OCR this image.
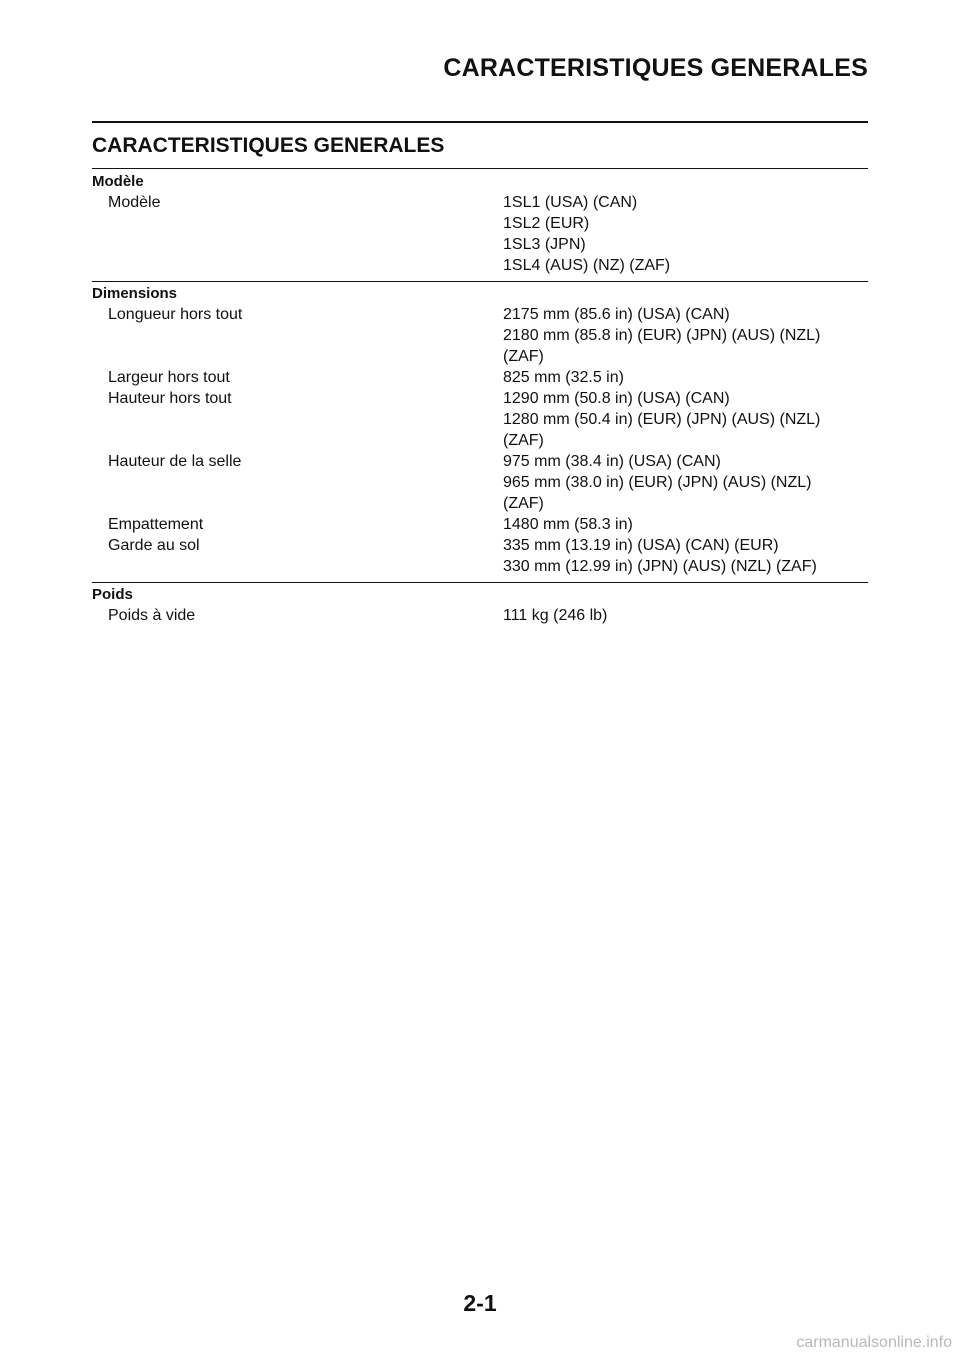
CARACTERISTIQUES GENERALES
CARACTERISTIQUES GENERALES
Modèle
Modèle	1SL1 (USA) (CAN)
1SL2 (EUR)
1SL3 (JPN)
1SL4 (AUS) (NZ) (ZAF)
Dimensions
Longueur hors tout	2175 mm (85.6 in) (USA) (CAN)
2180 mm (85.8 in) (EUR) (JPN) (AUS) (NZL)
(ZAF)
Largeur hors tout	825 mm (32.5 in)
Hauteur hors tout	1290 mm (50.8 in) (USA) (CAN)
1280 mm (50.4 in) (EUR) (JPN) (AUS) (NZL)
(ZAF)
Hauteur de la selle	975 mm (38.4 in) (USA) (CAN)
965 mm (38.0 in) (EUR) (JPN) (AUS) (NZL)
(ZAF)
Empattement	1480 mm (58.3 in)
Garde au sol	335 mm (13.19 in) (USA) (CAN) (EUR)
330 mm (12.99 in) (JPN) (AUS) (NZL) (ZAF)
Poids
Poids à vide	111 kg (246 lb)
2-1
carmanualsonline.info
